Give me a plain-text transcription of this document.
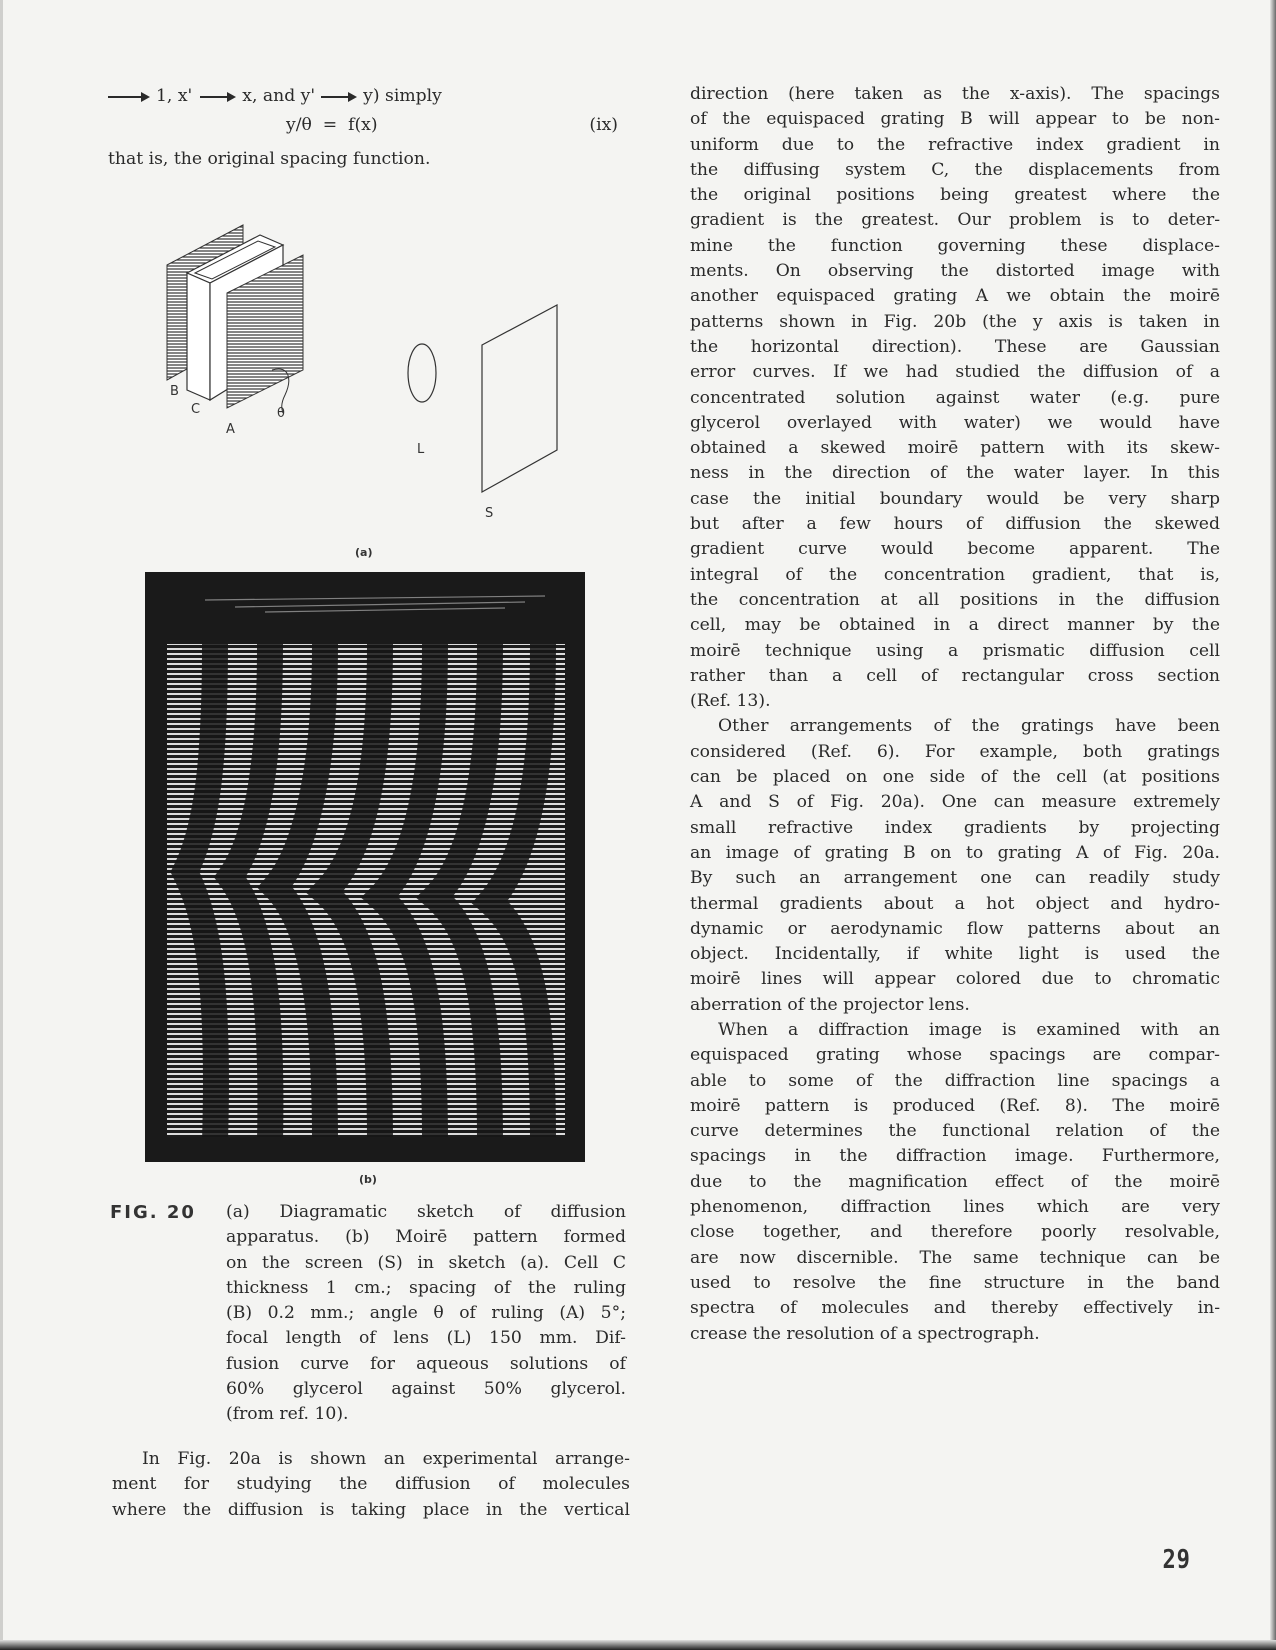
1, x'	x, and y'	y) simply
y/θ  =  f(x)	(ix)
that is, the original spacing function.
B
C
A
θ
L
S
(a)
(b)
FIG. 20 (a) Diagramatic sketch of diffusion
apparatus. (b) Moirē pattern formed
on the screen (S) in sketch (a). Cell C
thickness 1 cm.; spacing of the ruling
(B) 0.2 mm.; angle θ of ruling (A) 5°;
focal length of lens (L) 150 mm. Dif-
fusion curve for aqueous solutions of
60% glycerol against 50% glycerol.
(from ref. 10).
In Fig. 20a is shown an experimental arrange-
ment for studying the diffusion of molecules
where the diffusion is taking place in the vertical
direction (here taken as the x-axis). The spacings
of the equispaced grating B will appear to be non-
uniform due to the refractive index gradient in
the diffusing system C, the displacements from
the original positions being greatest where the
gradient is the greatest. Our problem is to deter-
mine the function governing these displace-
ments. On observing the distorted image with
another equispaced grating A we obtain the moirē
patterns shown in Fig. 20b (the y axis is taken in
the horizontal direction). These are Gaussian
error curves. If we had studied the diffusion of a
concentrated solution against water (e.g. pure
glycerol overlayed with water) we would have
obtained a skewed moirē pattern with its skew-
ness in the direction of the water layer. In this
case the initial boundary would be very sharp
but after a few hours of diffusion the skewed
gradient curve would become apparent. The
integral of the concentration gradient, that is,
the concentration at all positions in the diffusion
cell, may be obtained in a direct manner by the
moirē technique using a prismatic diffusion cell
rather than a cell of rectangular cross section
(Ref. 13).
Other arrangements of the gratings have been
considered (Ref. 6). For example, both gratings
can be placed on one side of the cell (at positions
A and S of Fig. 20a). One can measure extremely
small refractive index gradients by projecting
an image of grating B on to grating A of Fig. 20a.
By such an arrangement one can readily study
thermal gradients about a hot object and hydro-
dynamic or aerodynamic flow patterns about an
object. Incidentally, if white light is used the
moirē lines will appear colored due to chromatic
aberration of the projector lens.
When a diffraction image is examined with an
equispaced grating whose spacings are compar-
able to some of the diffraction line spacings a
moirē pattern is produced (Ref. 8). The moirē
curve determines the functional relation of the
spacings in the diffraction image. Furthermore,
due to the magnification effect of the moirē
phenomenon, diffraction lines which are very
close together, and therefore poorly resolvable,
are now discernible. The same technique can be
used to resolve the fine structure in the band
spectra of molecules and thereby effectively in-
crease the resolution of a spectrograph.
29
